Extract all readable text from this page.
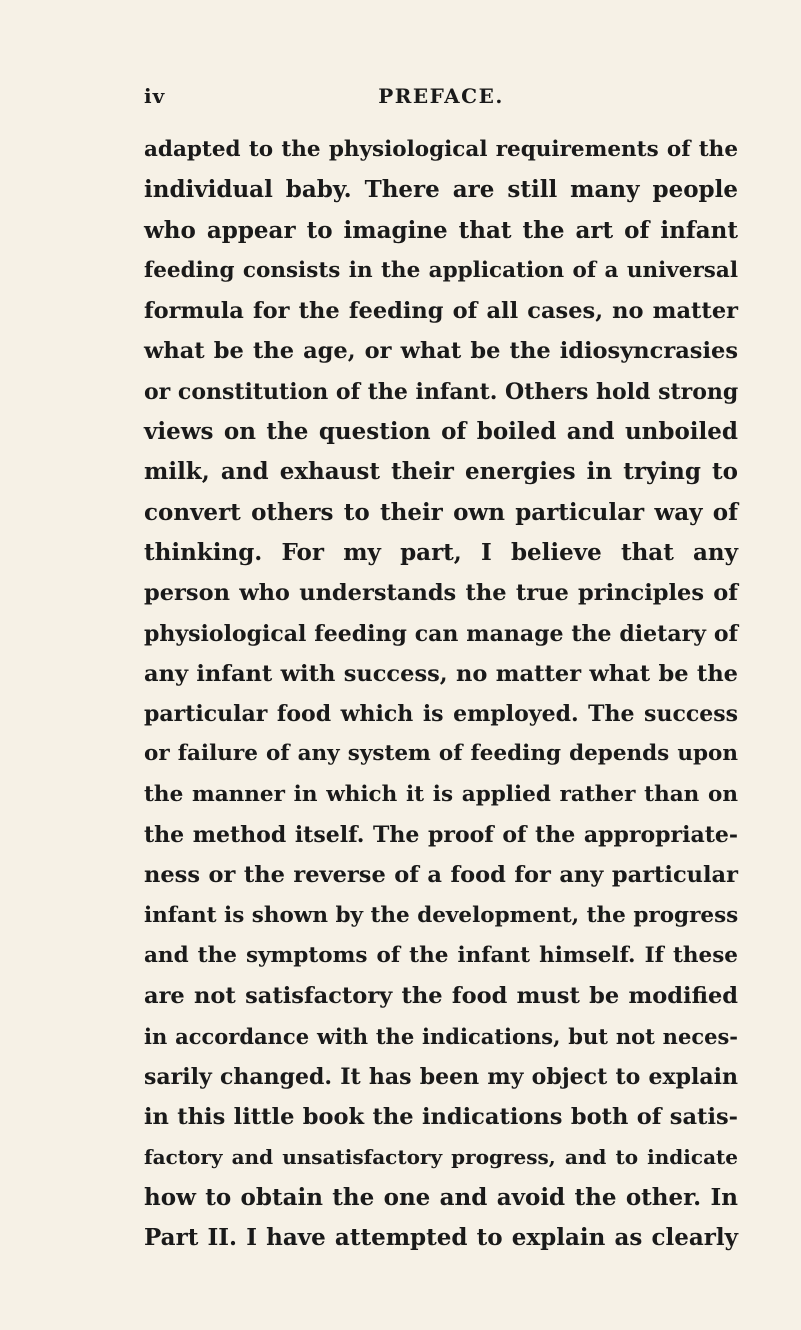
iv	PREFACE.
adapted to the physiological requirements of the
individual baby. There are still many people
who appear to imagine that the art of infant
feeding consists in the application of a universal
formula for the feeding of all cases, no matter
what be the age, or what be the idiosyncrasies
or constitution of the infant. Others hold strong
views on the question of boiled and unboiled
milk, and exhaust their energies in trying to
convert others to their own particular way of
thinking. For my part, I believe that any
person who understands the true principles of
physiological feeding can manage the dietary of
any infant with success, no matter what be the
particular food which is employed. The success
or failure of any system of feeding depends upon
the manner in which it is applied rather than on
the method itself. The proof of the appropriate-
ness or the reverse of a food for any particular
infant is shown by the development, the progress
and the symptoms of the infant himself. If these
are not satisfactory the food must be modified
in accordance with the indications, but not neces-
sarily changed. It has been my object to explain
in this little book the indications both of satis-
factory and unsatisfactory progress, and to indicate
how to obtain the one and avoid the other. In
Part II. I have attempted to explain as clearly
